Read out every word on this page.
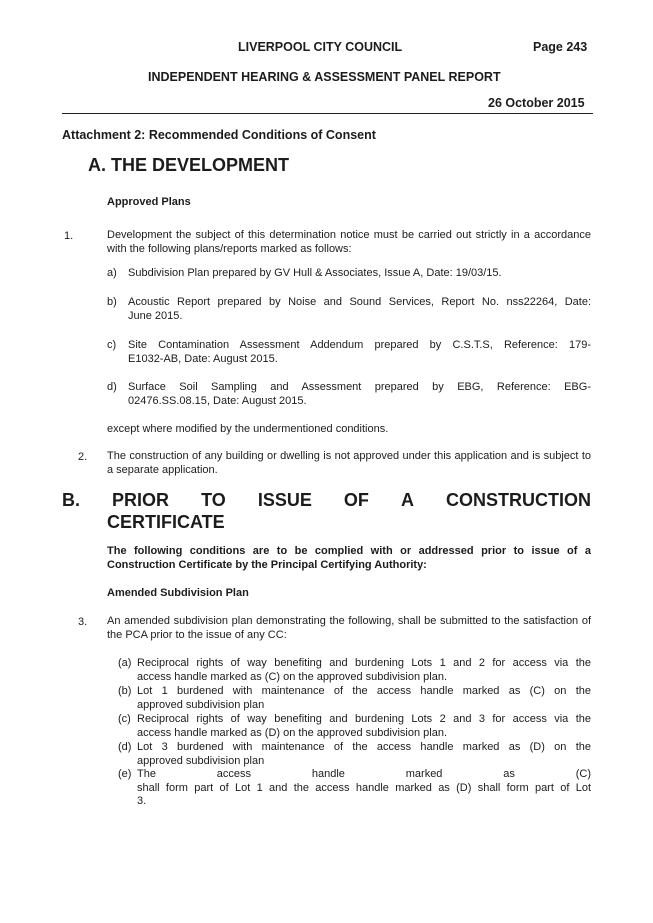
LIVERPOOL CITY COUNCIL	Page 243
INDEPENDENT HEARING & ASSESSMENT PANEL REPORT
26 October 2015
Attachment 2: Recommended Conditions of Consent
A. THE DEVELOPMENT
Approved Plans
1.	Development the subject of this determination notice must be carried out strictly in a accordance with the following plans/reports marked as follows:
a) Subdivision Plan prepared by GV Hull & Associates, Issue A, Date: 19/03/15.
b) Acoustic Report prepared by Noise and Sound Services, Report No. nss22264, Date:
June 2015.
c) Site Contamination Assessment Addendum prepared by C.S.T.S, Reference: 179-
E1032-AB, Date: August 2015.
d) Surface Soil Sampling and Assessment prepared by EBG, Reference: EBG-
02476.SS.08.15, Date: August 2015.
except where modified by the undermentioned conditions.
2. The construction of any building or dwelling is not approved under this application and is subject to a separate application.
B. PRIOR TO ISSUE OF A CONSTRUCTION
CERTIFICATE
The following conditions are to be complied with or addressed prior to issue of a Construction Certificate by the Principal Certifying Authority:
Amended Subdivision Plan
3. An amended subdivision plan demonstrating the following, shall be submitted to the satisfaction of the PCA prior to the issue of any CC:
(a) Reciprocal rights of way benefiting and burdening Lots 1 and 2 for access via the
access handle marked as (C) on the approved subdivision plan.
(b) Lot 1 burdened with maintenance of the access handle marked as (C) on the
approved subdivision plan
(c) Reciprocal rights of way benefiting and burdening Lots 2 and 3 for access via the
access handle marked as (D) on the approved subdivision plan.
(d) Lot 3 burdened with maintenance of the access handle marked as (D) on the
approved subdivision plan
(e) The	access	handle	marked	as	(C)
shall form part of Lot 1 and the access handle marked as (D) shall form part of Lot
3.
